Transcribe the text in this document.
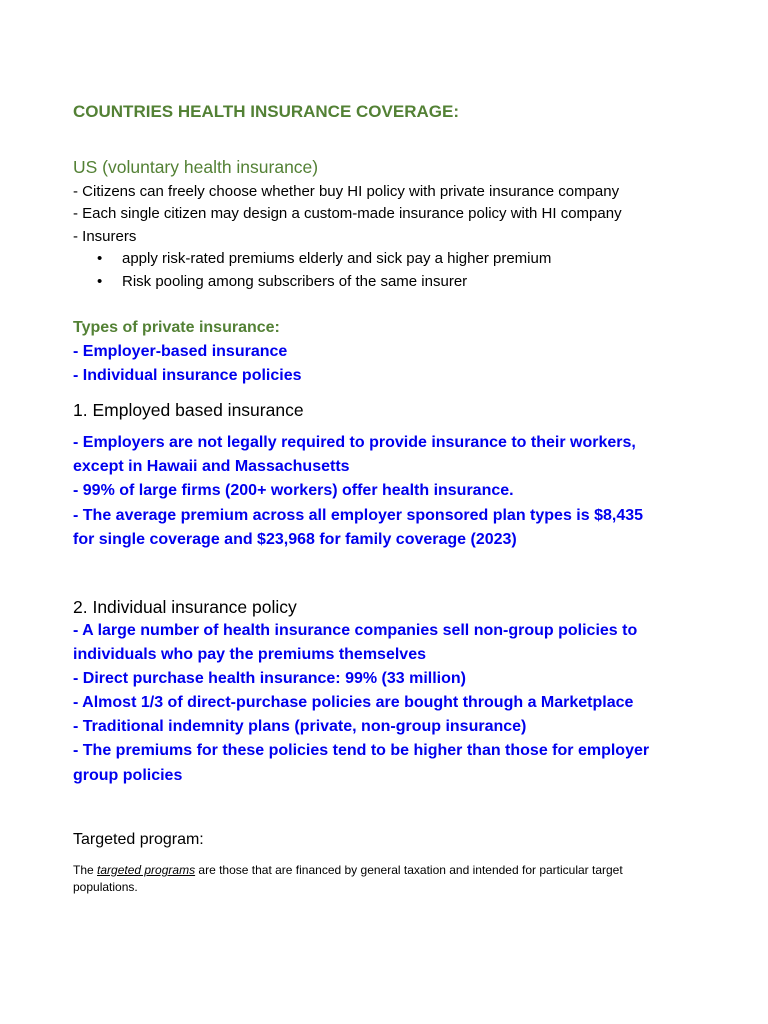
COUNTRIES HEALTH INSURANCE COVERAGE:
US (voluntary health insurance)
- Citizens can freely choose whether buy HI policy with private insurance company
- Each single citizen may design a custom-made insurance policy with HI company
- Insurers
• apply risk-rated premiums elderly and sick pay a higher premium
• Risk pooling among subscribers of the same insurer
Types of private insurance:
- Employer-based insurance
- Individual insurance policies
1. Employed based insurance
- Employers are not legally required to provide insurance to their workers,
except in Hawaii and Massachusetts
- 99% of large firms (200+ workers) offer health insurance.
- The average premium across all employer sponsored plan types is $8,435
for single coverage and $23,968 for family coverage (2023)
2. Individual insurance policy
- A large number of health insurance companies sell non-group policies to
individuals who pay the premiums themselves
- Direct purchase health insurance: 99% (33 million)
- Almost 1/3 of direct-purchase policies are bought through a Marketplace
- Traditional indemnity plans (private, non-group insurance)
- The premiums for these policies tend to be higher than those for employer
group policies
Targeted program:
The targeted programs are those that are financed by general taxation and intended for particular target
populations.
